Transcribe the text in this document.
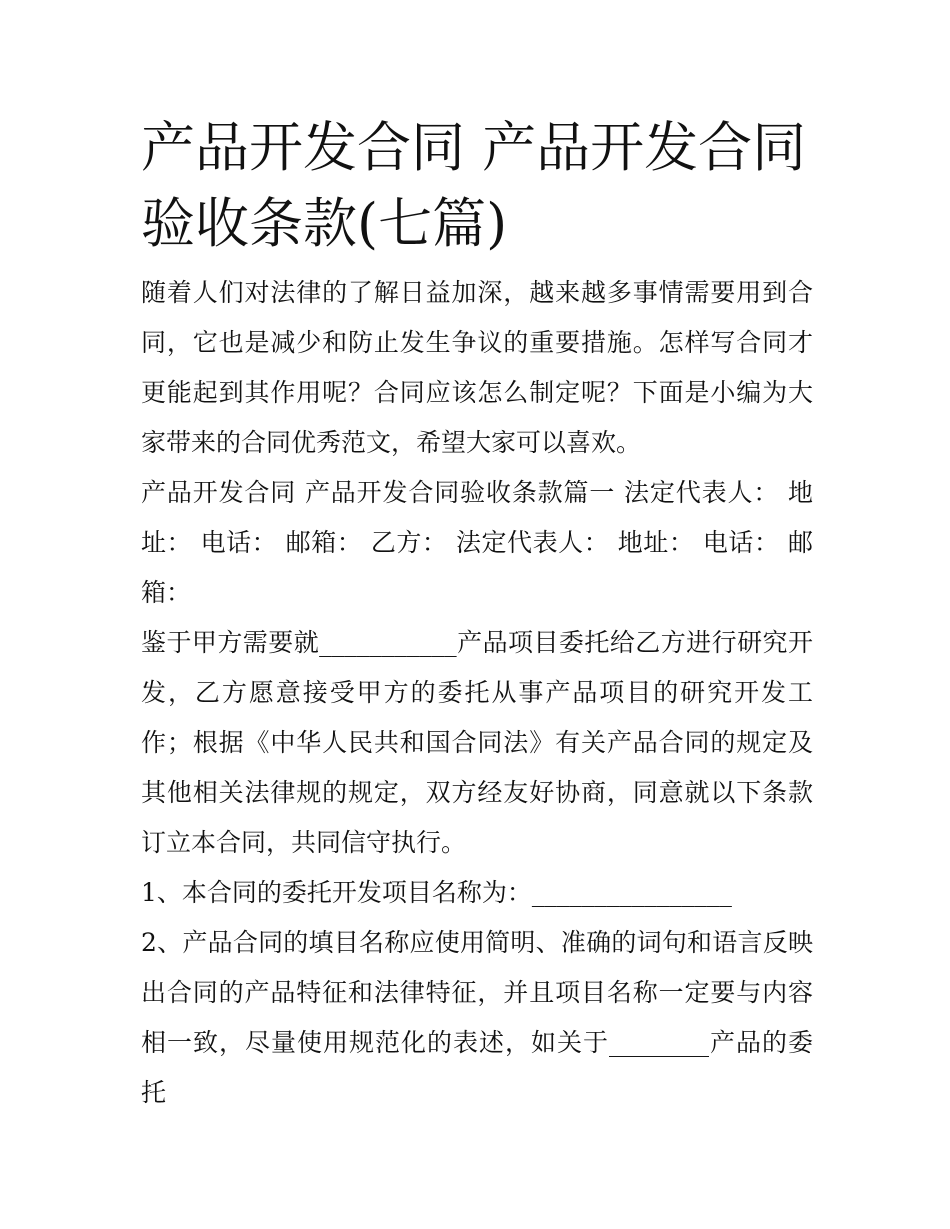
产品开发合同 产品开发合同验收条款(七篇)

随着人们对法律的了解日益加深，越来越多事情需要用到合同，它也是减少和防止发生争议的重要措施。怎样写合同才更能起到其作用呢？合同应该怎么制定呢？下面是小编为大家带来的合同优秀范文，希望大家可以喜欢。

产品开发合同 产品开发合同验收条款篇一 法定代表人： 地址： 电话： 邮箱： 乙方： 法定代表人： 地址： 电话： 邮箱：

鉴于甲方需要就___________产品项目委托给乙方进行研究开发，乙方愿意接受甲方的委托从事产品项目的研究开发工作；根据《中华人民共和国合同法》有关产品合同的规定及其他相关法律规的规定，双方经友好协商，同意就以下条款订立本合同，共同信守执行。

1、本合同的委托开发项目名称为：________________

2、产品合同的填目名称应使用简明、准确的词句和语言反映出合同的产品特征和法律特征，并且项目名称一定要与内容相一致，尽量使用规范化的表述，如关于________产品的委托
